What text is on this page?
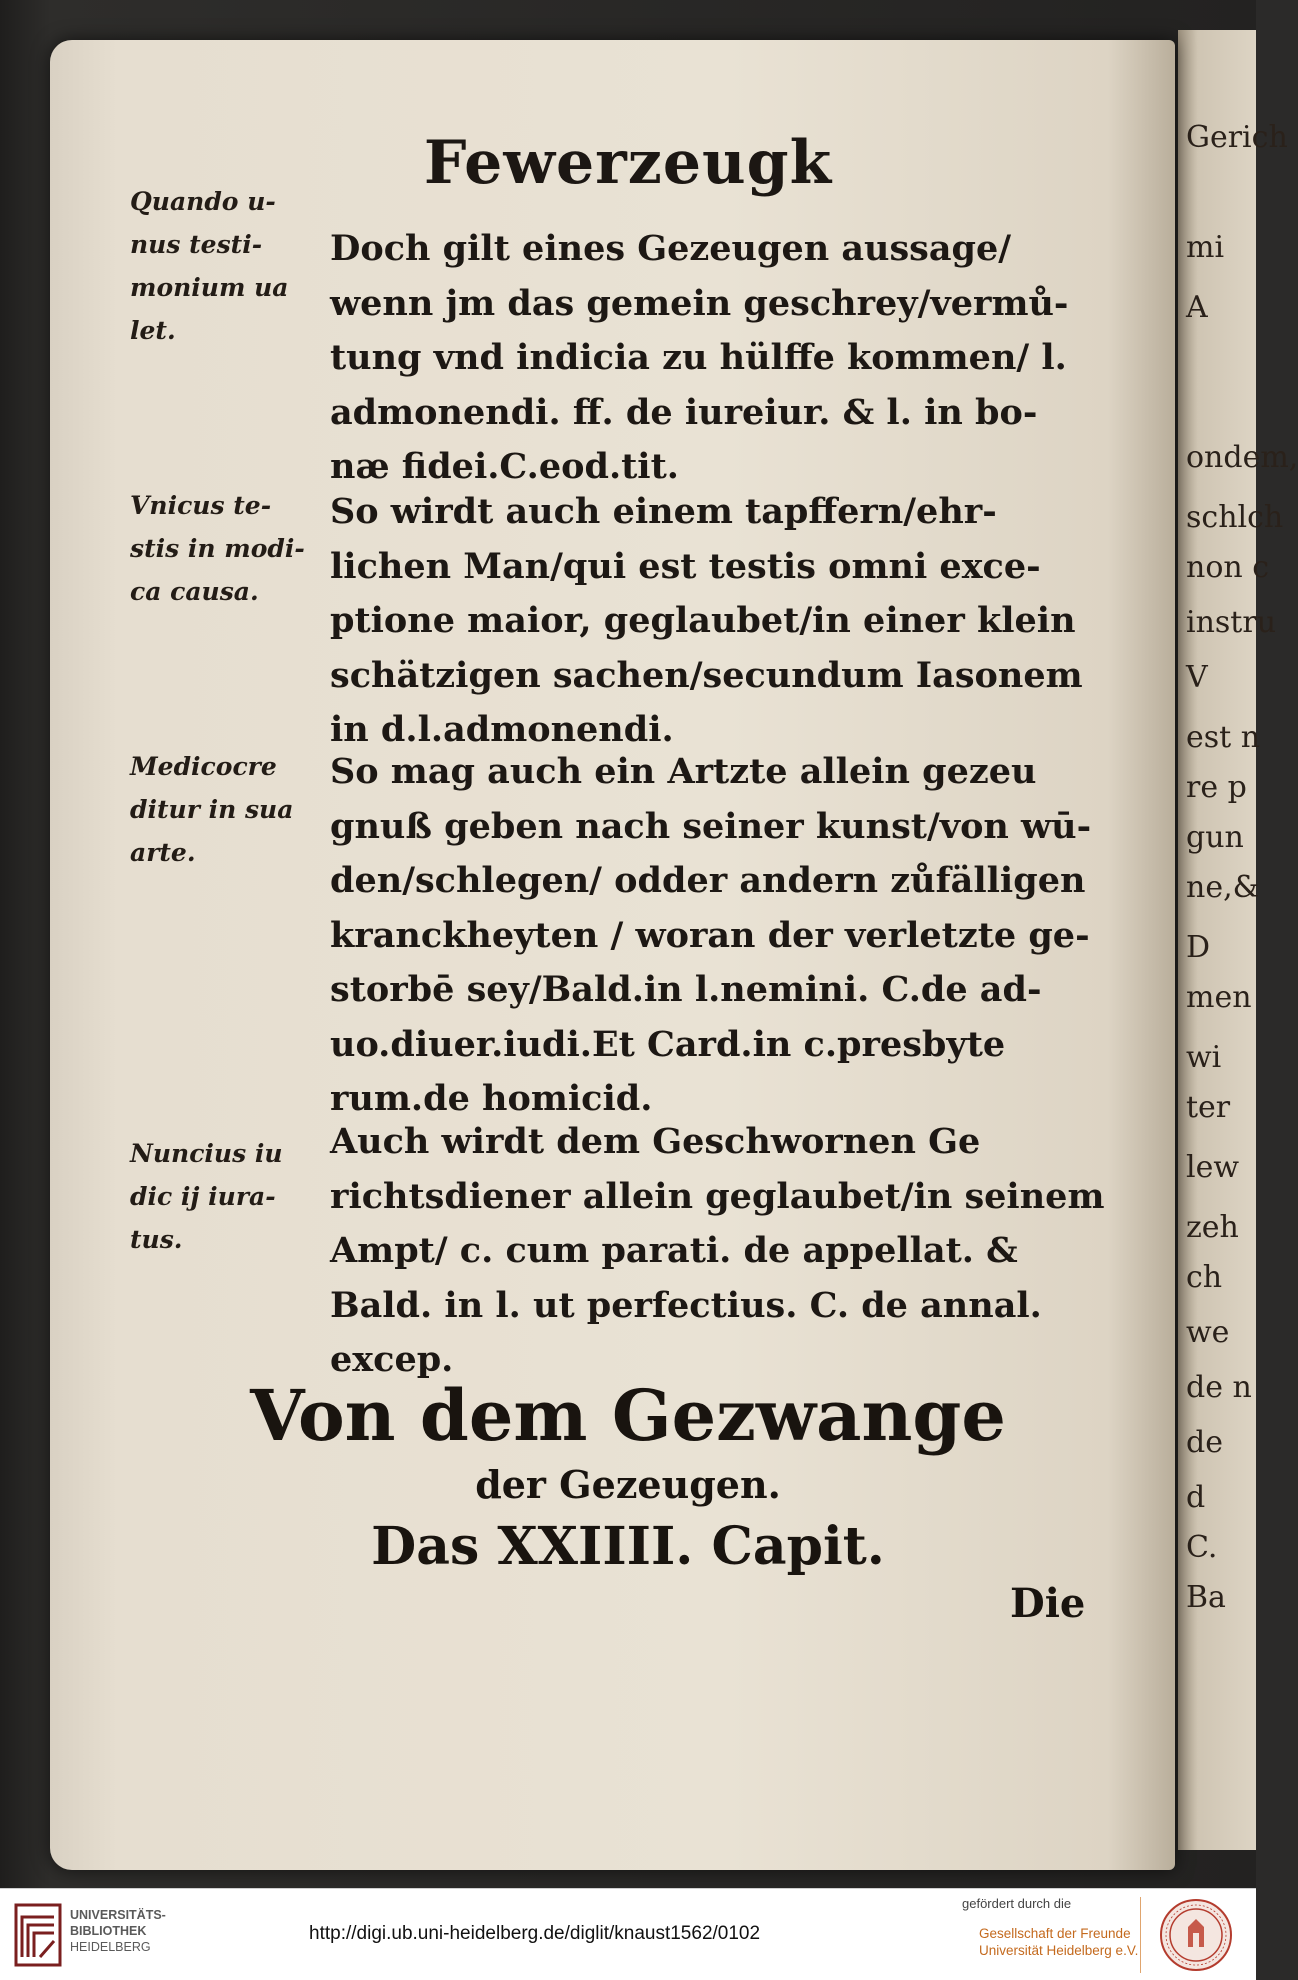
Gerich
mi
A
ondem,
schlch
non c
instru
V
est n
re p
gun
ne,&
D
men
wi
ter
lew
zeh
ch
we
de n
de
d
C.
Ba
Fewerzeugk
Quando u-
nus testi-
monium ua
let.
Vnicus te-
stis in modi-
ca causa.
Medicocre
ditur in sua
arte.
Nuncius iu
dic ij iura-
tus.
Doch gilt eines Gezeugen aussage/
wenn jm das gemein geschrey/vermů-
tung vnd indicia zu hülffe kommen/ l.
admonendi. ff. de iureiur. & l. in bo-
næ fidei.C.eod.tit.
So wirdt auch einem tapffern/ehr-
lichen Man/qui est testis omni exce-
ptione maior, geglaubet/in einer klein
schätzigen sachen/secundum Iasonem
in d.l.admonendi.
So mag auch ein Artzte allein gezeu
gnuß geben nach seiner kunst/von wū-
den/schlegen/ odder andern zůfälligen
kranckheyten / woran der verletzte ge-
storbē sey/Bald.in l.nemini. C.de ad-
uo.diuer.iudi.Et Card.in c.presbyte
rum.de homicid.
Auch wirdt dem Geschwornen Ge
richtsdiener allein geglaubet/in seinem
Ampt/ c. cum parati. de appellat. &
Bald. in l. ut perfectius. C. de annal.
excep.
Von dem Gezwange
der Gezeugen.
Das XXIIII. Capit.
Die
UNIVERSITÄTS-
BIBLIOTHEK
HEIDELBERG
http://digi.ub.uni-heidelberg.de/diglit/knaust1562/0102
gefördert durch die
Gesellschaft der Freunde
Universität Heidelberg e.V.
